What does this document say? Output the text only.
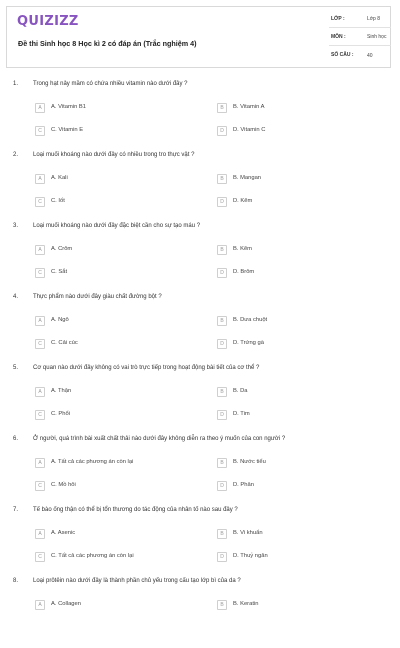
QUIZIZZ
Đề thi Sinh học 8 Học kì 2 có đáp án (Trắc nghiệm 4)
LỚP :	Lớp 8
MÔN :	Sinh học
SỐ CÂU :	40
1. Trong hạt nảy mầm có chứa nhiều vitamin nào dưới đây ?
A	A. Vitamin B1	B	B. Vitamin A
C	C. Vitamin E	D	D. Vitamin C
2. Loại muối khoáng nào dưới đây có nhiều trong tro thực vật ?
A	A. Kali	B	B. Mangan
C	C. Iốt	D	D. Kẽm
3. Loại muối khoáng nào dưới đây đặc biệt cần cho sự tạo máu ?
A	A. Crôm	B	B. Kẽm
C	C. Sắt	D	D. Brôm
4. Thực phẩm nào dưới đây giàu chất đường bột ?
A	A. Ngô	B	B. Dưa chuột
C	C. Cải cúc	D	D. Trứng gà
5. Cơ quan nào dưới đây không có vai trò trực tiếp trong hoạt động bài tiết của cơ thể ?
A	A. Thận	B	B. Da
C	C. Phổi	D	D. Tim
6. Ở người, quá trình bài xuất chất thải nào dưới đây không diễn ra theo ý muốn của con người ?
A	A. Tất cả các phương án còn lại	B	B. Nước tiểu
C	C. Mồ hôi	D	D. Phân
7. Tế bào ống thận có thể bị tổn thương do tác động của nhân tố nào sau đây ?
A	A. Asenic	B	B. Vi khuẩn
C	C. Tất cả các phương án còn lại	D	D. Thuỷ ngân
8. Loại prôtêin nào dưới đây là thành phần chủ yếu trong cấu tạo lớp bì của da ?
A	A. Collagen	B	B. Keratin
